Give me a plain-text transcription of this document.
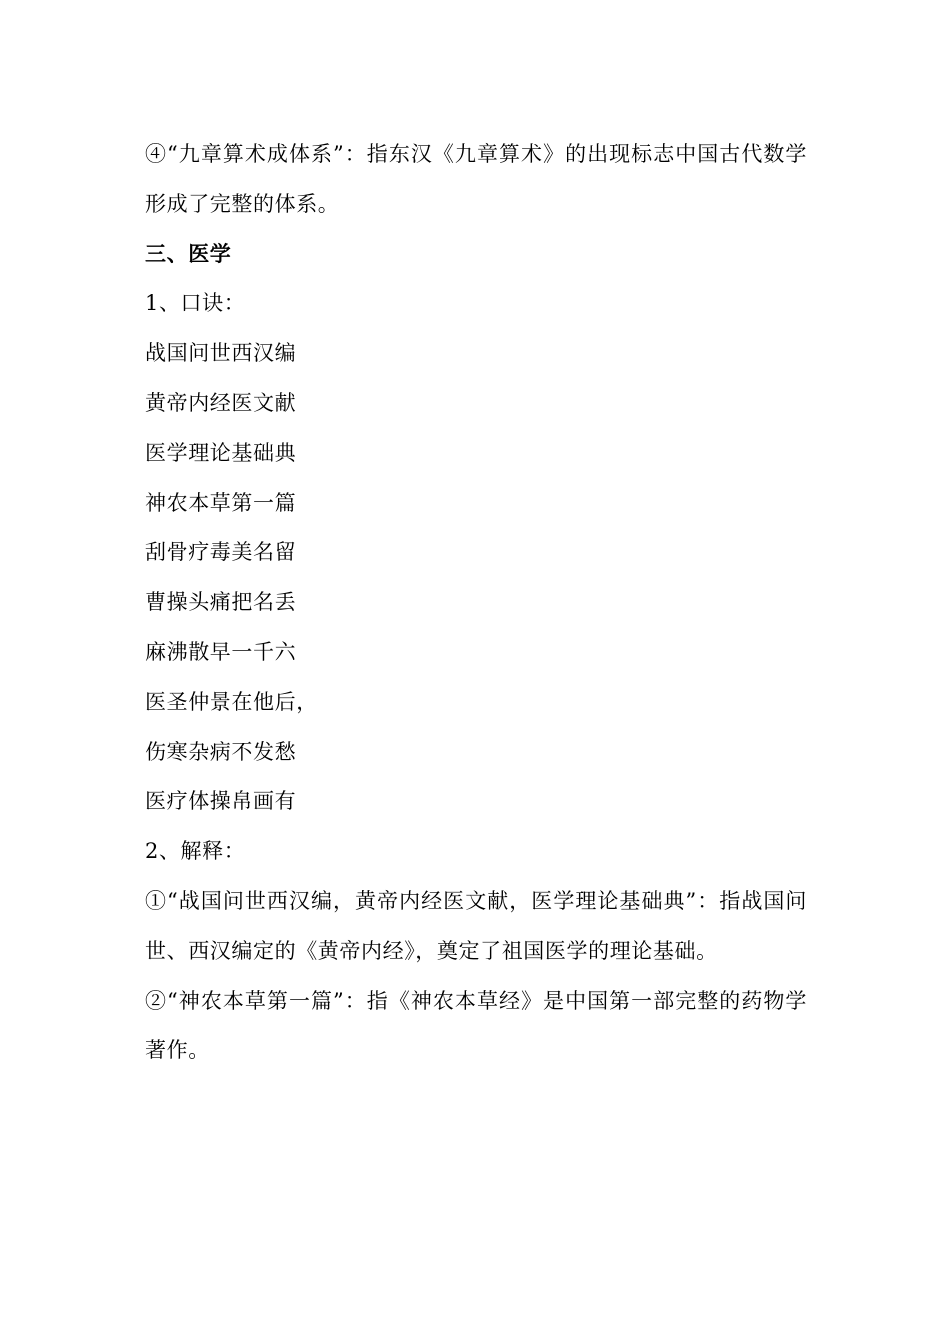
④“九章算术成体系”：指东汉《九章算术》的出现标志中国古代数学形成了完整的体系。
三、医学
1、口诀：
战国问世西汉编
黄帝内经医文献
医学理论基础典
神农本草第一篇
刮骨疗毒美名留
曹操头痛把名丢
麻沸散早一千六
医圣仲景在他后，
伤寒杂病不发愁
医疗体操帛画有
2、解释：
①“战国问世西汉编，黄帝内经医文献，医学理论基础典”：指战国问世、西汉编定的《黄帝内经》，奠定了祖国医学的理论基础。
②“神农本草第一篇”：指《神农本草经》是中国第一部完整的药物学著作。
